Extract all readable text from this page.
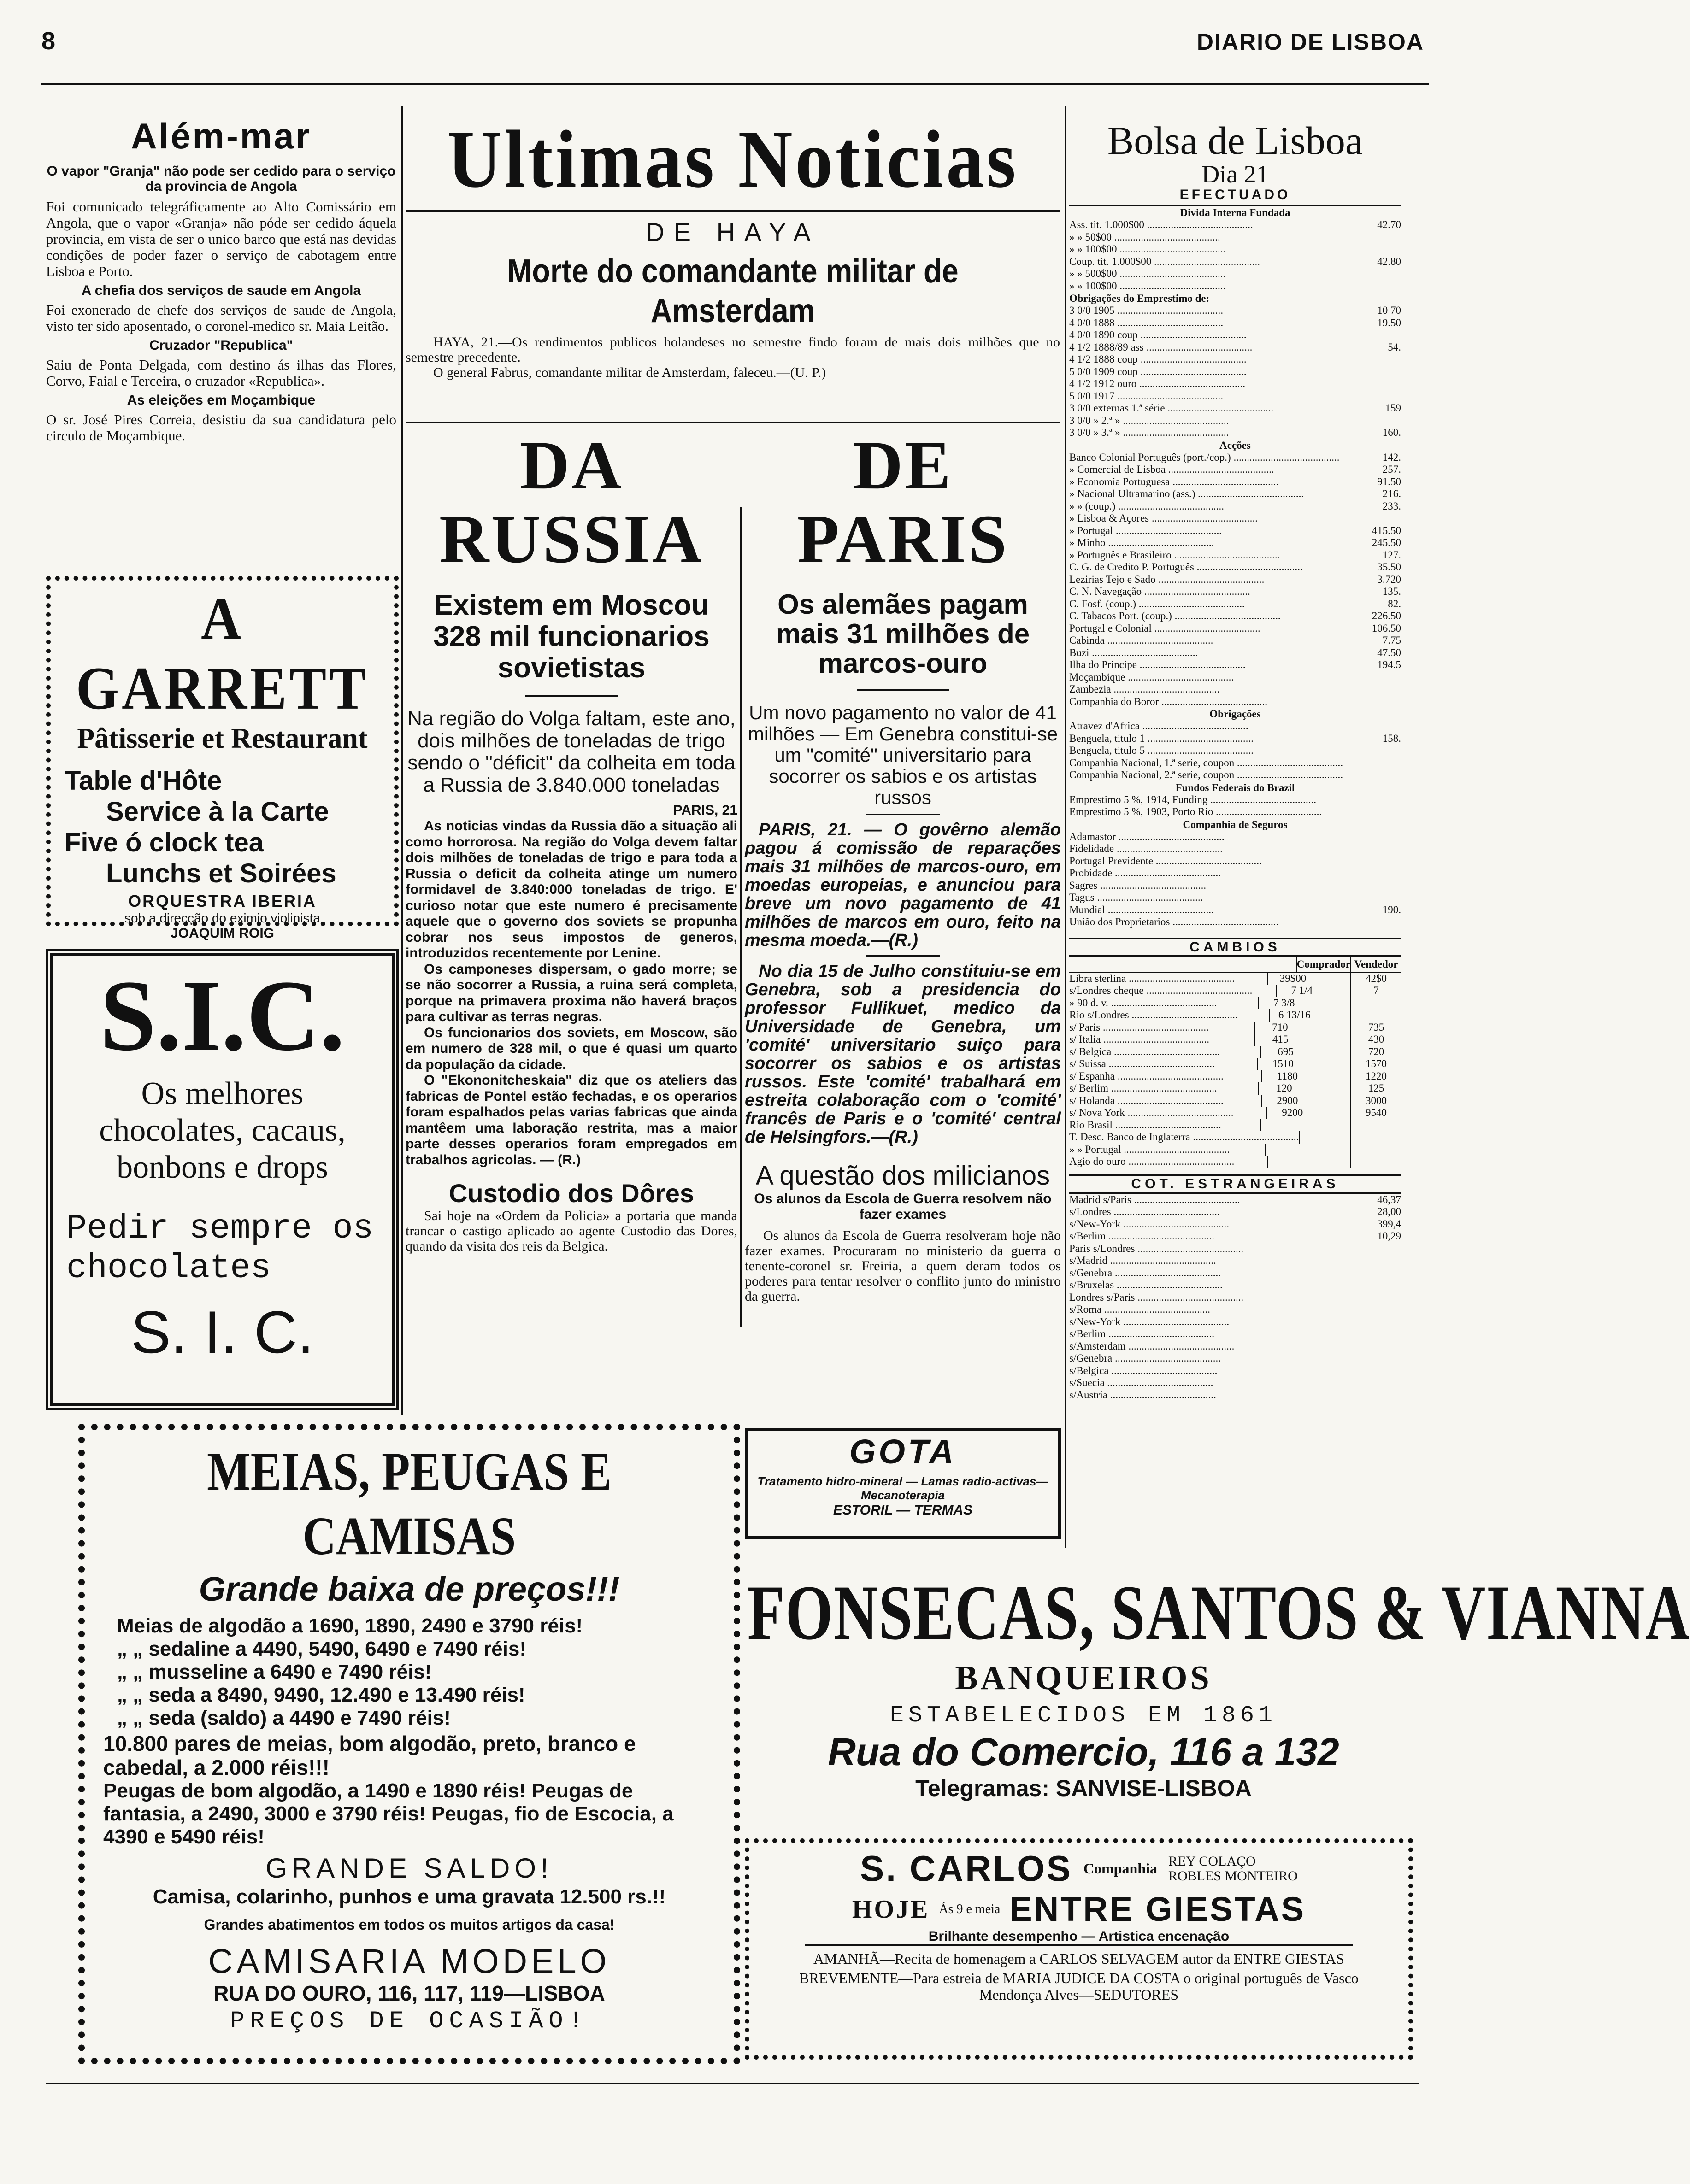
8	DIARIO DE LISBOA
Além-mar
O vapor "Granja" não pode ser cedido para o serviço da provincia de Angola
Foi comunicado telegráficamente ao Alto Comissário em Angola, que o vapor «Granja» não póde ser cedido áquela provincia, em vista de ser o unico barco que está nas devidas condições de poder fazer o serviço de cabotagem entre Lisboa e Porto.
A chefia dos serviços de saude em Angola
Foi exonerado de chefe dos serviços de saude de Angola, visto ter sido aposentado, o coronel-medico sr. Maia Leitão.
Cruzador "Republica"
Saiu de Ponta Delgada, com destino ás ilhas das Flores, Corvo, Faial e Terceira, o cruzador «Republica».
As eleições em Moçambique
O sr. José Pires Correia, desistiu da sua candidatura pelo circulo de Moçambique.
A GARRETT
Pâtisserie et Restaurant
Table d'Hôte
Service à la Carte
Five ó clock tea
Lunchs et Soirées
ORQUESTRA IBERIA
sob a direcção do eximio violinista
JOAQUIM ROIG
S.I.C.
Os melhores
chocolates, cacaus,
bonbons e drops
Pedir sempre os
chocolates
S. I. C.
Ultimas Noticias
DE HAYA
Morte do comandante militar de Amsterdam
HAYA, 21.—Os rendimentos publicos holandeses no semestre findo foram de mais dois milhões que no semestre precedente.
O general Fabrus, comandante militar de Amsterdam, faleceu.—(U. P.)
DA RUSSIA
Existem em Moscou 328 mil funcionarios sovietistas
Na região do Volga faltam, este ano, dois milhões de toneladas de trigo sendo o "déficit" da colheita em toda a Russia de 3.840.000 toneladas
PARIS, 21
As noticias vindas da Russia dão a situação ali como horrorosa. Na região do Volga devem faltar dois milhões de toneladas de trigo e para toda a Russia o deficit da colheita atinge um numero formidavel de 3.840:000 toneladas de trigo. E' curioso notar que este numero é precisamente aquele que o governo dos soviets se propunha cobrar nos seus impostos de generos, introduzidos recentemente por Lenine.
Os camponeses dispersam, o gado morre; se se não socorrer a Russia, a ruina será completa, porque na primavera proxima não haverá braços para cultivar as terras negras.
Os funcionarios dos soviets, em Moscow, são em numero de 328 mil, o que é quasi um quarto da população da cidade.
O "Ekononitcheskaia" diz que os ateliers das fabricas de Pontel estão fechadas, e os operarios foram espalhados pelas varias fabricas que ainda mantêem uma laboração restrita, mas a maior parte desses operarios foram empregados em trabalhos agricolas. — (R.)
Custodio dos Dôres
Sai hoje na «Ordem da Policia» a portaria que manda trancar o castigo aplicado ao agente Custodio das Dores, quando da visita dos reis da Belgica.
DE PARIS
Os alemães pagam mais 31 milhões de marcos-ouro
Um novo pagamento no valor de 41 milhões — Em Genebra constitui-se um "comité" universitario para socorrer os sabios e os artistas russos
PARIS, 21. — O govêrno alemão pagou á comissão de reparações mais 31 milhões de marcos-ouro, em moedas europeias, e anunciou para breve um novo pagamento de 41 milhões de marcos em ouro, feito na mesma moeda.—(R.)
No dia 15 de Julho constituiu-se em Genebra, sob a presidencia do professor Fullikuet, medico da Universidade de Genebra, um 'comité' universitario suiço para socorrer os sabios e os artistas russos. Este 'comité' trabalhará em estreita colaboração com o 'comité' francês de Paris e o 'comité' central de Helsingfors.—(R.)
A questão dos milicianos
Os alunos da Escola de Guerra resolvem não fazer exames
Os alunos da Escola de Guerra resolveram hoje não fazer exames. Procuraram no ministerio da guerra o tenente-coronel sr. Freiria, a quem deram todos os poderes para tentar resolver o conflito junto do ministro da guerra.
GOTA
Tratamento hidro-mineral — Lamas radio-activas—Mecanoterapia
ESTORIL — TERMAS
Bolsa de Lisboa
Dia 21
EFECTUADO
Divida Interna Fundada
Ass. tit. 1.000$00 ........................................	42.70
» » 50$00 ........................................
» » 100$00 ........................................
Coup. tit. 1.000$00 ........................................	42.80
» » 500$00 ........................................
» » 100$00 ........................................
Obrigações do Emprestimo de:
3 0/0 1905 ........................................	10 70
4 0/0 1888 ........................................	19.50
4 0/0 1890 coup ........................................
4 1/2 1888/89 ass ........................................	54.
4 1/2 1888 coup ........................................
5 0/0 1909 coup ........................................
4 1/2 1912 ouro ........................................
5 0/0 1917 ........................................
3 0/0 externas 1.ª série ........................................	159
3 0/0 » 2.ª » ........................................
3 0/0 » 3.ª » ........................................	160.
Acções
Banco Colonial Português (port./cop.) ........................................	142.
» Comercial de Lisboa ........................................	257.
» Economia Portuguesa ........................................	91.50
» Nacional Ultramarino (ass.) ........................................	216.
» » (coup.) ........................................	233.
» Lisboa & Açores ........................................
» Portugal ........................................	415.50
» Minho ........................................	245.50
» Português e Brasileiro ........................................	127.
C. G. de Credito P. Português ........................................	35.50
Lezirias Tejo e Sado ........................................	3.720
C. N. Navegação ........................................	135.
C. Fosf. (coup.) ........................................	82.
C. Tabacos Port. (coup.) ........................................	226.50
Portugal e Colonial ........................................	106.50
Cabinda ........................................	7.75
Buzi ........................................	47.50
Ilha do Principe ........................................	194.5
Moçambique ........................................
Zambezia ........................................
Companhia do Boror ........................................
Obrigações
Atravez d'Africa ........................................
Benguela, titulo 1 ........................................	158.
Benguela, titulo 5 ........................................
Companhia Nacional, 1.ª serie, coupon ........................................
Companhia Nacional, 2.ª serie, coupon ........................................
Fundos Federais do Brazil
Emprestimo 5 %, 1914, Funding ........................................
Emprestimo 5 %, 1903, Porto Rio ........................................
Companhia de Seguros
Adamastor ........................................
Fidelidade ........................................
Portugal Previdente ........................................
Probidade ........................................
Sagres ........................................
Tagus ........................................
Mundial ........................................	190.
União dos Proprietarios ........................................
CAMBIOS
Comprador Vendedor
Libra sterlina ........................................	39$00	42$0
s/Londres cheque ........................................	7 1/4	7
» 90 d. v. ........................................	7 3/8
Rio s/Londres ........................................	6 13/16
s/ Paris ........................................	710	735
s/ Italia ........................................	415	430
s/ Belgica ........................................	695	720
s/ Suissa ........................................	1510	1570
s/ Espanha ........................................	1180	1220
s/ Berlim ........................................	120	125
s/ Holanda ........................................	2900	3000
s/ Nova York ........................................	9200	9540
Rio Brasil ........................................
T. Desc. Banco de Inglaterra ........................................
» » Portugal ........................................
Agio do ouro ........................................
COT. ESTRANGEIRAS
Madrid s/Paris ........................................	46,37
s/Londres ........................................	28,00
s/New-York ........................................	399,4
s/Berlim ........................................	10,29
Paris s/Londres ........................................
s/Madrid ........................................
s/Genebra ........................................
s/Bruxelas ........................................
Londres s/Paris ........................................
s/Roma ........................................
s/New-York ........................................
s/Berlim ........................................
s/Amsterdam ........................................
s/Genebra ........................................
s/Belgica ........................................
s/Suecia ........................................
s/Austria ........................................
MEIAS, PEUGAS E CAMISAS
Grande baixa de preços!!!
Meias de algodão a 1690, 1890, 2490 e 3790 réis!
„ „ sedaline a 4490, 5490, 6490 e 7490 réis!
„ „ musseline a 6490 e 7490 réis!
„ „ seda a 8490, 9490, 12.490 e 13.490 réis!
„ „ seda (saldo) a 4490 e 7490 réis!
10.800 pares de meias, bom algodão, preto, branco e cabedal, a 2.000 réis!!!
Peugas de bom algodão, a 1490 e 1890 réis! Peugas de fantasia, a 2490, 3000 e 3790 réis! Peugas, fio de Escocia, a 4390 e 5490 réis!
GRANDE SALDO!
Camisa, colarinho, punhos e uma gravata 12.500 rs.!!
Grandes abatimentos em todos os muitos artigos da casa!
CAMISARIA MODELO
RUA DO OURO, 116, 117, 119—LISBOA
PREÇOS DE OCASIÃO!
FONSECAS, SANTOS & VIANNA
BANQUEIROS
ESTABELECIDOS EM 1861
Rua do Comercio, 116 a 132
Telegramas: SANVISE-LISBOA
S. CARLOS Companhia REY COLAÇO
ROBLES MONTEIRO
HOJE Ás 9 e meia ENTRE GIESTAS
Brilhante desempenho — Artistica encenação
AMANHÃ—Recita de homenagem a CARLOS SELVAGEM autor da ENTRE GIESTAS
BREVEMENTE—Para estreia de MARIA JUDICE DA COSTA o original português de Vasco Mendonça Alves—SEDUTORES
